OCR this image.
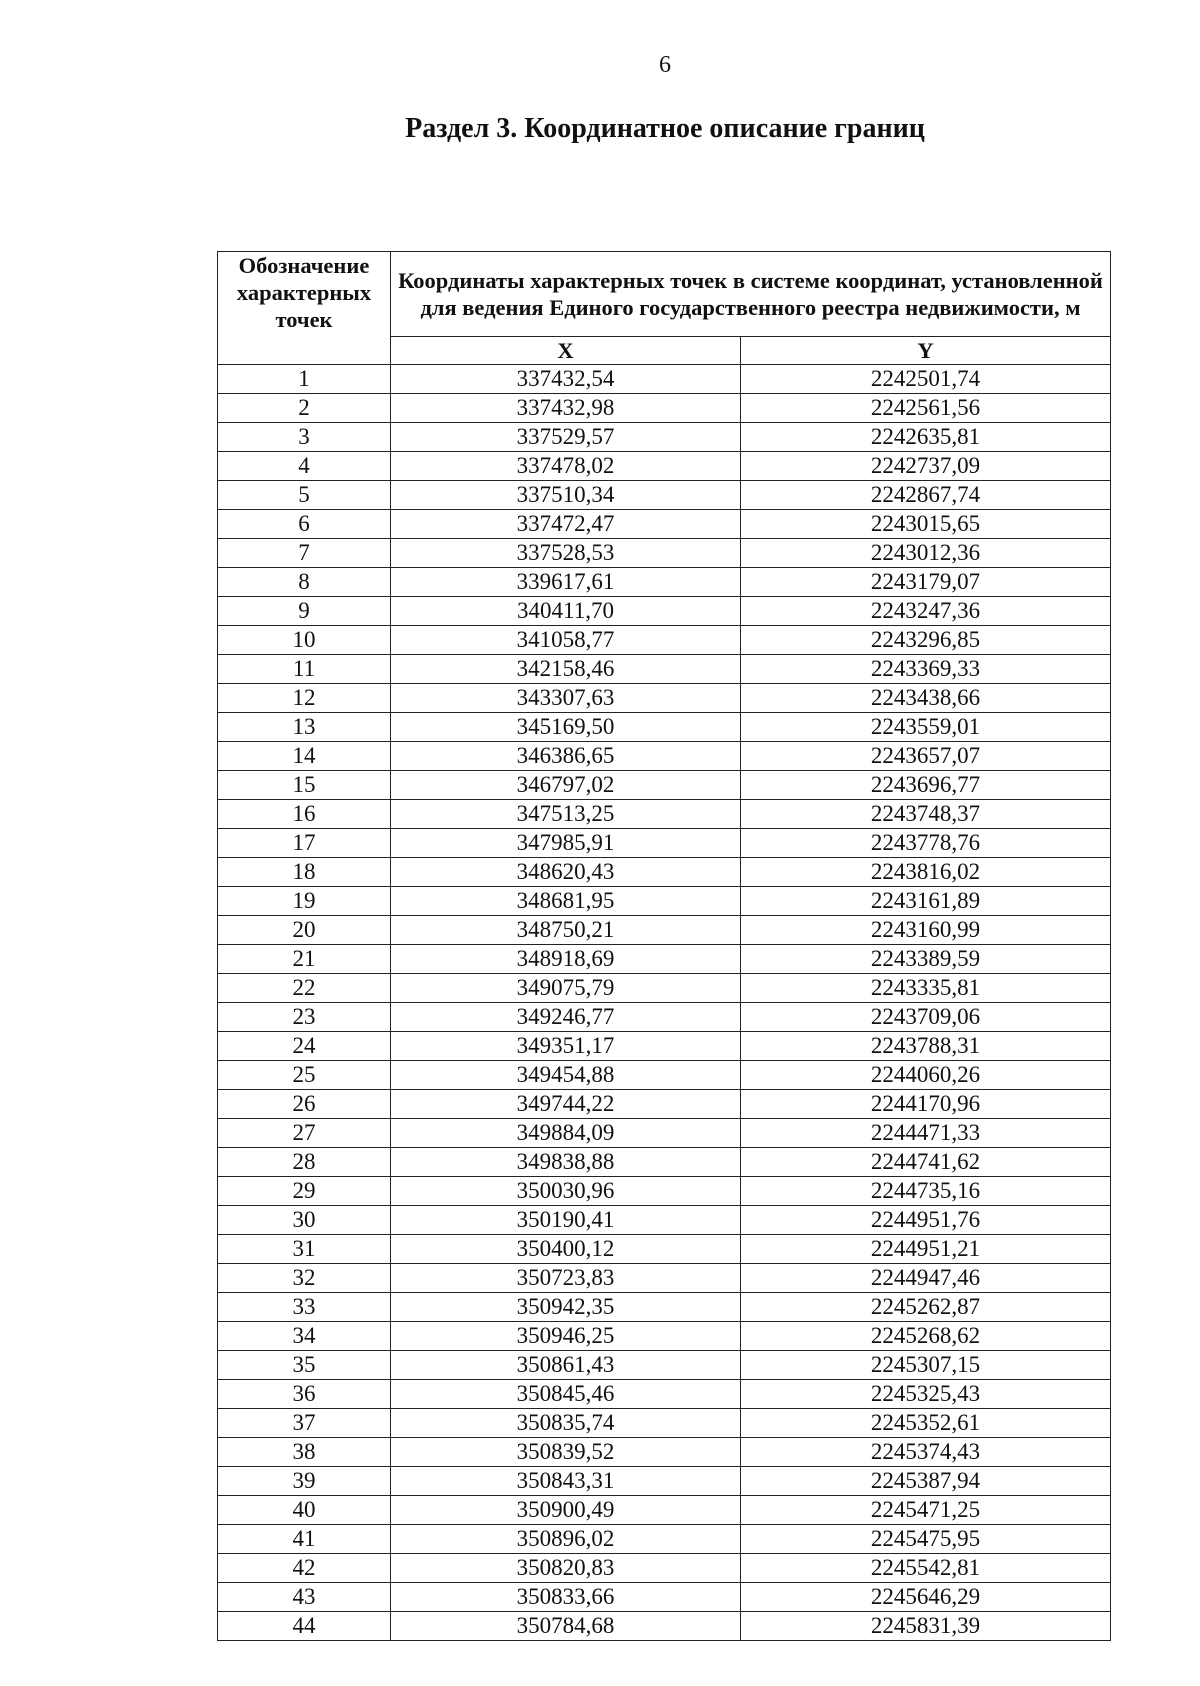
6
Раздел 3. Координатное описание границ
Обозначение характерных точек	Координаты характерных точек в системе координат, установленной для ведения Единого государственного реестра недвижимости, м	
	X	Y
1	337432,54	2242501,74
2	337432,98	2242561,56
3	337529,57	2242635,81
4	337478,02	2242737,09
5	337510,34	2242867,74
6	337472,47	2243015,65
7	337528,53	2243012,36
8	339617,61	2243179,07
9	340411,70	2243247,36
10	341058,77	2243296,85
11	342158,46	2243369,33
12	343307,63	2243438,66
13	345169,50	2243559,01
14	346386,65	2243657,07
15	346797,02	2243696,77
16	347513,25	2243748,37
17	347985,91	2243778,76
18	348620,43	2243816,02
19	348681,95	2243161,89
20	348750,21	2243160,99
21	348918,69	2243389,59
22	349075,79	2243335,81
23	349246,77	2243709,06
24	349351,17	2243788,31
25	349454,88	2244060,26
26	349744,22	2244170,96
27	349884,09	2244471,33
28	349838,88	2244741,62
29	350030,96	2244735,16
30	350190,41	2244951,76
31	350400,12	2244951,21
32	350723,83	2244947,46
33	350942,35	2245262,87
34	350946,25	2245268,62
35	350861,43	2245307,15
36	350845,46	2245325,43
37	350835,74	2245352,61
38	350839,52	2245374,43
39	350843,31	2245387,94
40	350900,49	2245471,25
41	350896,02	2245475,95
42	350820,83	2245542,81
43	350833,66	2245646,29
44	350784,68	2245831,39
